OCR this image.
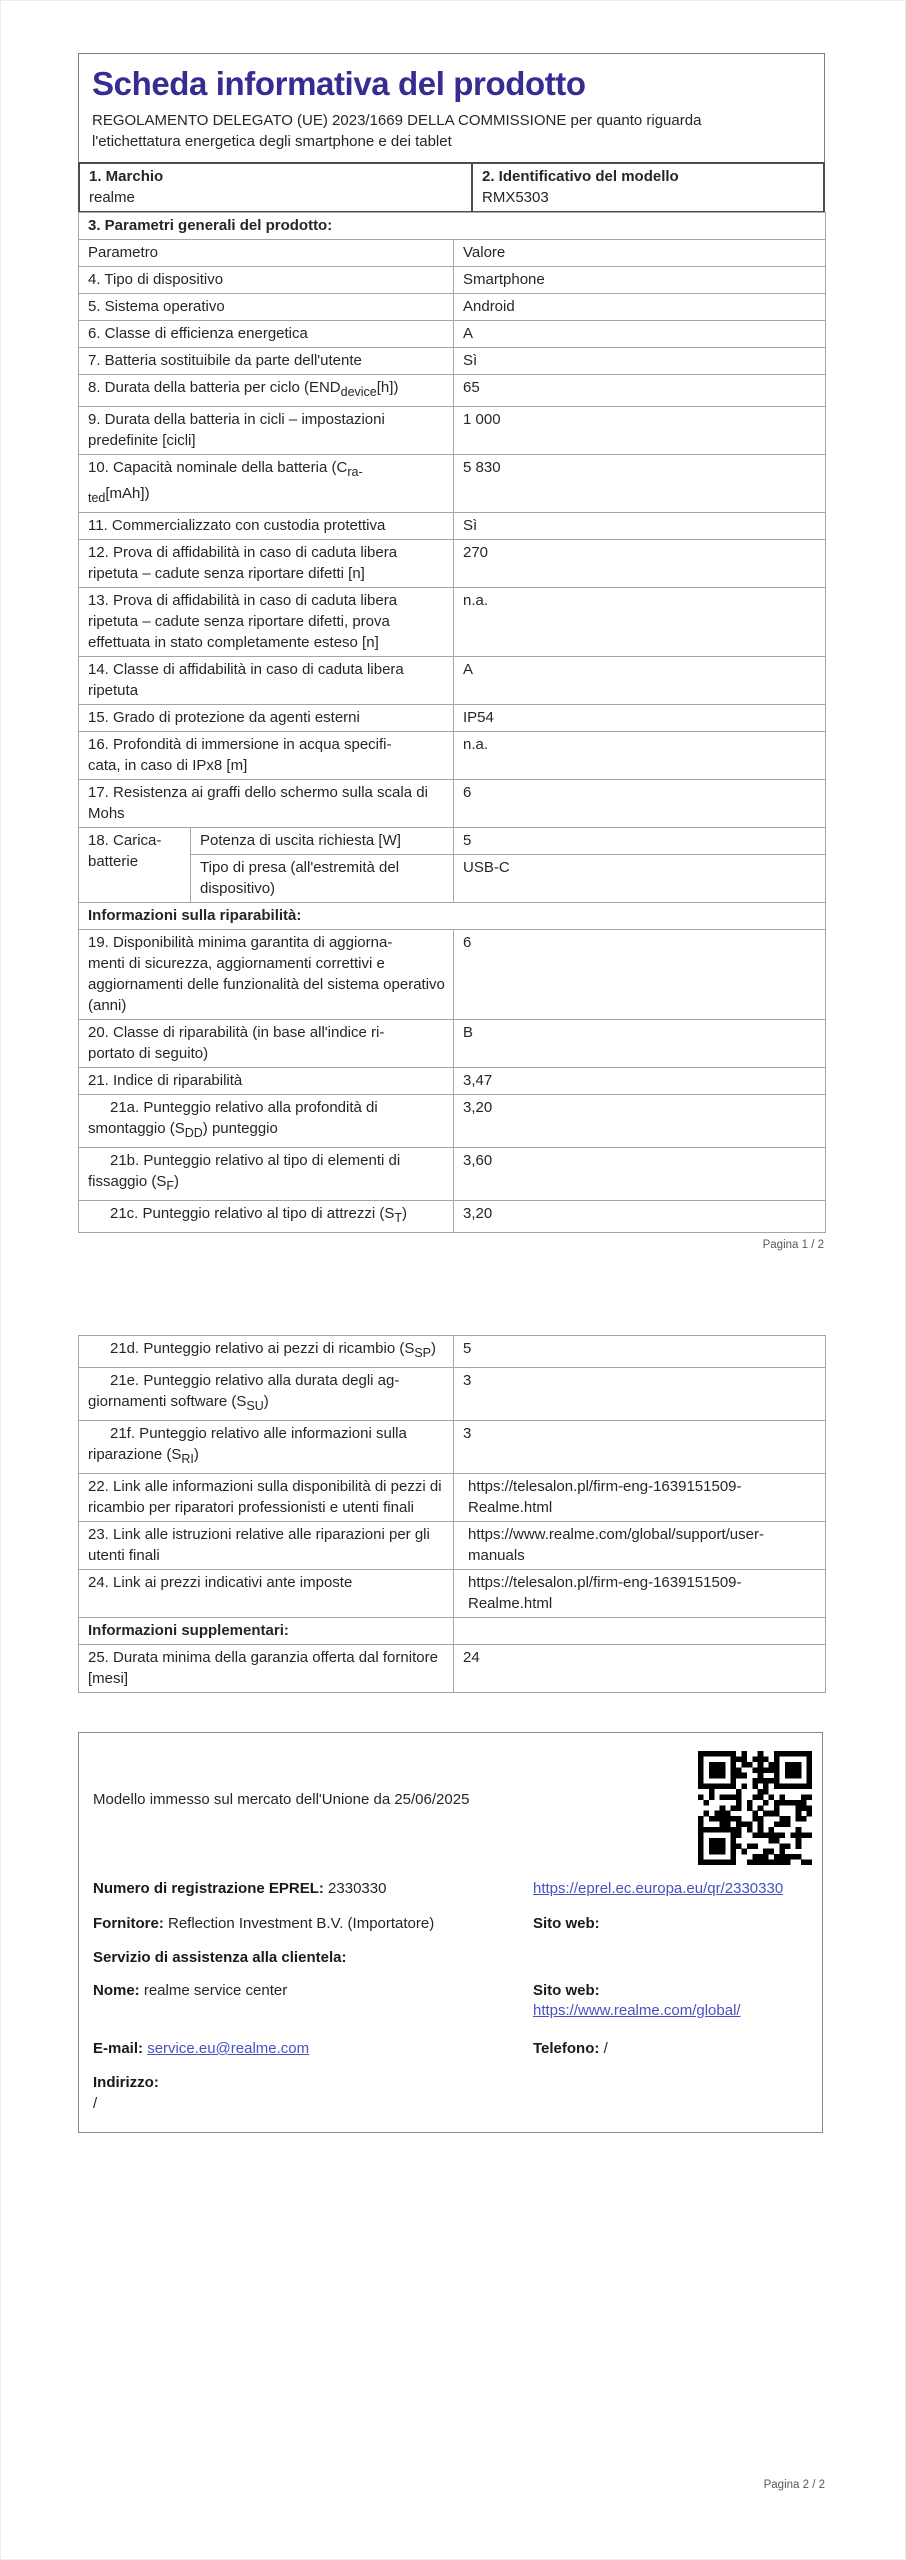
Scheda informativa del prodotto

REGOLAMENTO DELEGATO (UE) 2023/1669 DELLA COMMISSIONE per quanto riguarda
l'etichettatura energetica degli smartphone e dei tablet

1. Marchio
realme

2. Identificativo del modello
RMX5303
3. Parametri generali del prodotto:		
Parametro		Valore
4. Tipo di dispositivo		Smartphone
5. Sistema operativo		Android
6. Classe di efficienza energetica		A
7. Batteria sostituibile da parte dell'utente		Sì
8. Durata della batteria per ciclo $(END_{device}[h])$		65
9. Durata della batteria in cicli – impostazioni predefinite [cicli]		1 000
10. Capacità nominale della batteria ($C_{ra-}$
$_{ted}$[mAh])		5 830
11. Commercializzato con custodia protettiva		Sì
12. Prova di affidabilità in caso di caduta libera ripetuta – cadute senza riportare difetti [n]		270
13. Prova di affidabilità in caso di caduta libera ripetuta – cadute senza riportare difetti, prova effettuata in stato completamente esteso [n]		n.a.
14. Classe di affidabilità in caso di caduta libera ripetuta		A
15. Grado di protezione da agenti esterni		IP54
16. Profondità di immersione in acqua specifi-
cata, in caso di IPx8 [m]		n.a.
17. Resistenza ai graffi dello schermo sulla scala di Mohs		6
18. Carica-
batterie	Potenza di uscita richiesta [W]	5
	Tipo di presa (all'estremità del dispositivo)	USB-C
Informazioni sulla riparabilità:		
19. Disponibilità minima garantita di aggiorna-
menti di sicurezza, aggiornamenti correttivi e aggiornamenti delle funzionalità del sistema operativo (anni)		6
20. Classe di riparabilità (in base all'indice ri-
portato di seguito)		B
21. Indice di riparabilità		3,47
21a. Punteggio relativo alla profondità di smontaggio $(S_{DD})$ punteggio		3,20
21b. Punteggio relativo al tipo di elementi di fissaggio $(S_F)$		3,60
21c. Punteggio relativo al tipo di attrezzi $(S_T)$		3,20
Pagina 1 / 2
21d. Punteggio relativo ai pezzi di ricambio $(S_{SP})$	5
21e. Punteggio relativo alla durata degli ag-
giornamenti software $(S_{SU})$	3
21f. Punteggio relativo alle informazioni sulla riparazione $(S_{RI})$	3
22. Link alle informazioni sulla disponibilità di pezzi di ricambio per riparatori professionisti e utenti finali	https://telesalon.pl/firm-eng-1639151509-Realme.html
23. Link alle istruzioni relative alle riparazioni per gli utenti finali	https://www.realme.com/global/support/user-manuals
24. Link ai prezzi indicativi ante imposte	https://telesalon.pl/firm-eng-1639151509-Realme.html
Informazioni supplementari:	
25. Durata minima della garanzia offerta dal fornitore [mesi]	24
Modello immesso sul mercato dell'Unione da 25/06/2025
Numero di registrazione EPREL: 2330330	https://eprel.ec.europa.eu/qr/2330330
Fornitore: Reflection Investment B.V. (Importatore)	Sito web:
Servizio di assistenza alla clientela:
Nome: realme service center	Sito web: https://www.realme.com/global/
E-mail: service.eu@realme.com	Telefono: /
Indirizzo:
/
Pagina 2 / 2
